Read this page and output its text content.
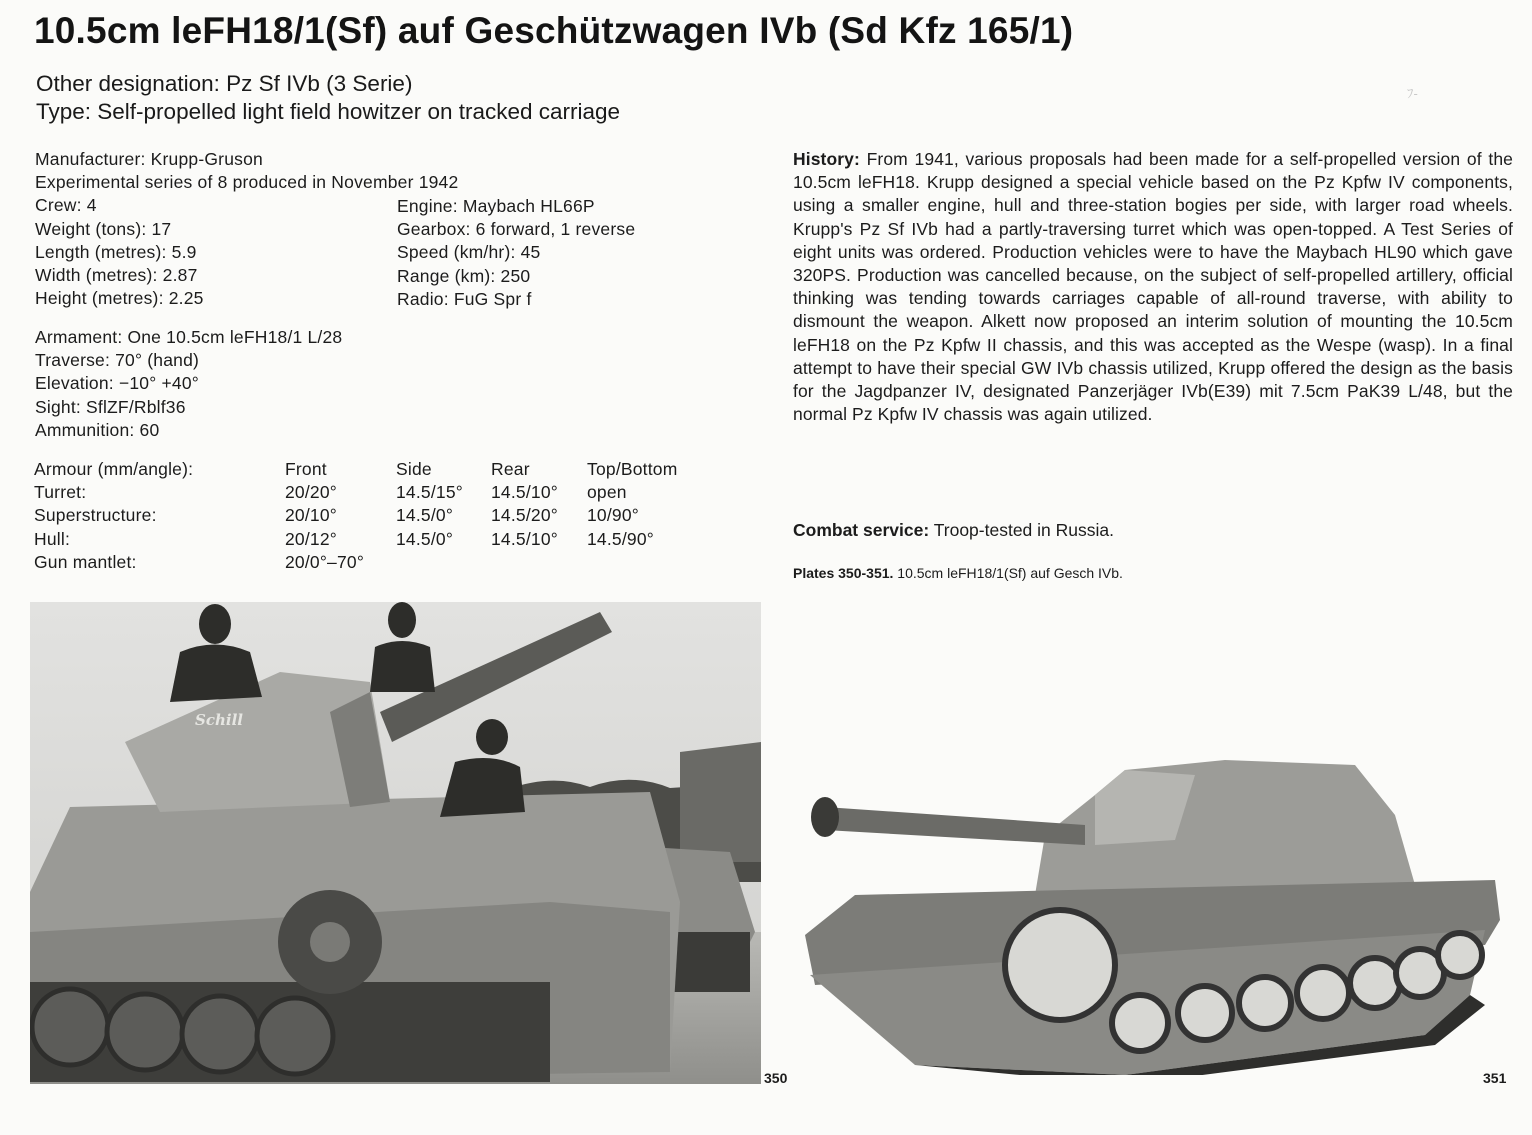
10.5cm leFH18/1(Sf) auf Geschützwagen IVb (Sd Kfz 165/1)
Other designation: Pz Sf IVb (3 Serie)
Type: Self-propelled light field howitzer on tracked carriage
ﾌ-
Manufacturer: Krupp-Gruson
Experimental series of 8 produced in November 1942
Crew: 4
Weight (tons): 17
Length (metres): 5.9
Width (metres): 2.87
Height (metres): 2.25
Engine: Maybach HL66P
Gearbox: 6 forward, 1 reverse
Speed (km/hr): 45
Range (km): 250
Radio: FuG Spr f
Armament: One 10.5cm leFH18/1 L/28
Traverse: 70° (hand)
Elevation: −10° +40°
Sight: SflZF/Rblf36
Ammunition: 60
Armour (mm/angle):	Front	Side	Rear	Top/Bottom
Turret:	20/20°	14.5/15°	14.5/10°	open
Superstructure:	20/10°	14.5/0°	14.5/20°	10/90°
Hull:	20/12°	14.5/0°	14.5/10°	14.5/90°
Gun mantlet:	20/0°–70°			
History: From 1941, various proposals had been made for a self-propelled version of the 10.5cm leFH18. Krupp designed a special vehicle based on the Pz Kpfw IV components, using a smaller engine, hull and three-station bogies per side, with larger road wheels. Krupp's Pz Sf IVb had a partly-traversing turret which was open-topped. A Test Series of eight units was ordered. Production vehicles were to have the Maybach HL90 which gave 320PS. Production was cancelled because, on the subject of self-propelled artillery, official thinking was tending towards carriages capable of all-round traverse, with ability to dismount the weapon. Alkett now proposed an interim solution of mounting the 10.5cm leFH18 on the Pz Kpfw II chassis, and this was accepted as the Wespe (wasp). In a final attempt to have their special GW IVb chassis utilized, Krupp offered the design as the basis for the Jagdpanzer IV, designated Panzerjäger IVb(E39) mit 7.5cm PaK39 L/48, but the normal Pz Kpfw IV chassis was again utilized.
Combat service: Troop-tested in Russia.
Plates 350-351. 10.5cm leFH18/1(Sf) auf Gesch IVb.
Schill
350	351
